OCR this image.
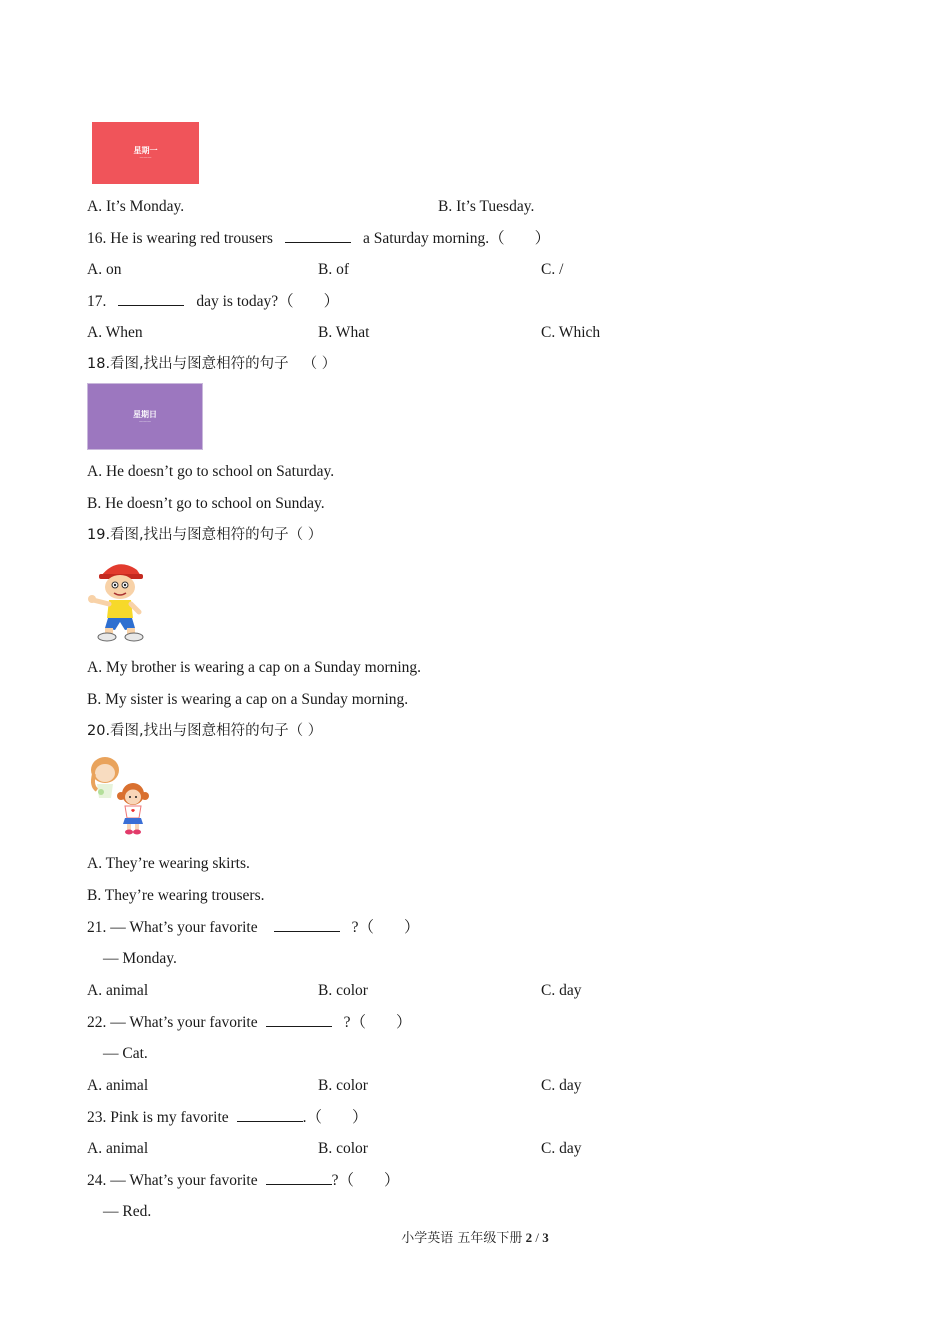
星期一
———
A. It’s Monday.	B. It’s Tuesday.
16. He is wearing red trousers	a Saturday morning.（ ）
A. on	B. of	C. /
17.	day is today?（ ）
A. When	B. What	C. Which
18.看图,找出与图意相符的句子 （ ）
星期日
———
A. He doesn’t go to school on Saturday.
B. He doesn’t go to school on Sunday.
19.看图,找出与图意相符的句子（ ）
A. My brother is wearing a cap on a Sunday morning.
B. My sister is wearing a cap on a Sunday morning.
20.看图,找出与图意相符的句子（ ）
A. They’re wearing skirts.
B. They’re wearing trousers.
21. — What’s your favorite	?（ ）
— Monday.
A. animal	B. color	C. day
22. — What’s your favorite	?（ ）
— Cat.
A. animal	B. color	C. day
23. Pink is my favorite	.（ ）
A. animal	B. color	C. day
24. — What’s your favorite	?（ ）
— Red.
小学英语 五年级下册 2 / 3
